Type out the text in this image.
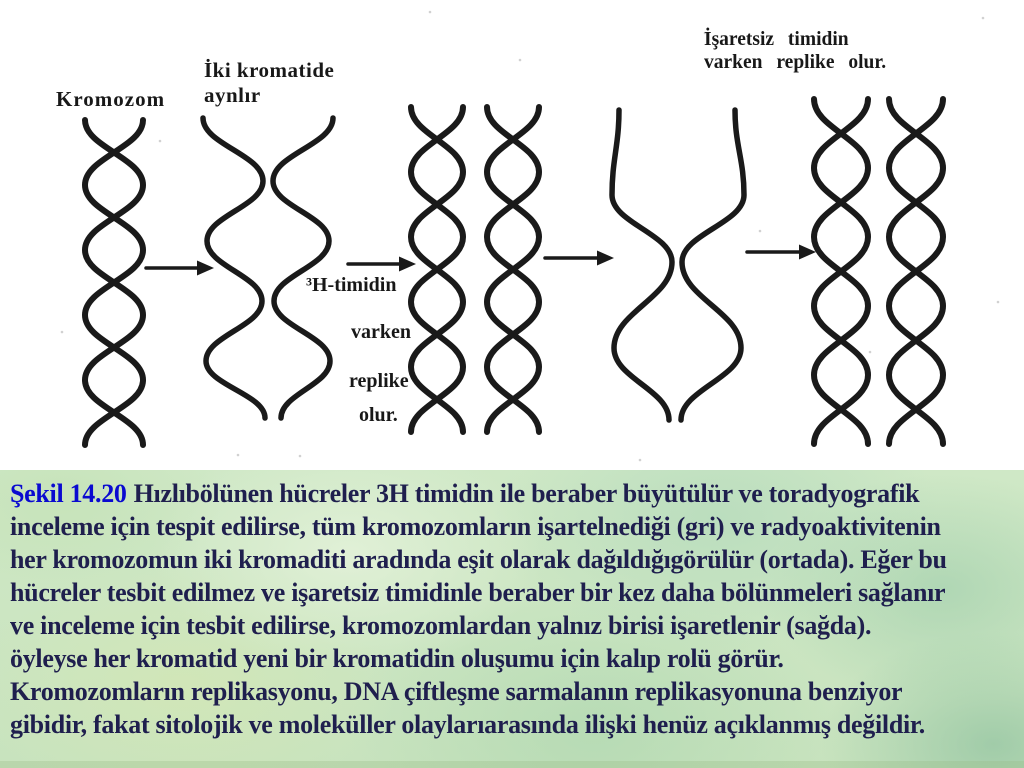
Kromozom
İki kromatide
aynlır
İşaretsiz timidin
varken replike olur.
³H-timidin
varken
replike
olur.
Şekil 14.20 Hızlıbölünen hücreler 3H timidin ile beraber büyütülür ve toradyografik
inceleme için tespit edilirse, tüm kromozomların işartelnediği (gri) ve radyoaktivitenin
her kromozomun iki kromaditi aradında eşit olarak dağıldığıgörülür (ortada). Eğer bu
hücreler tesbit edilmez ve işaretsiz timidinle beraber bir kez daha bölünmeleri sağlanır
ve inceleme için tesbit edilirse, kromozomlardan yalnız birisi işaretlenir (sağda).
öyleyse her kromatid yeni bir kromatidin oluşumu için kalıp rolü görür.
Kromozomların replikasyonu, DNA çiftleşme sarmalanın replikasyonuna benziyor
gibidir, fakat sitolojik ve moleküller olaylarıarasında ilişki henüz açıklanmış değildir.
